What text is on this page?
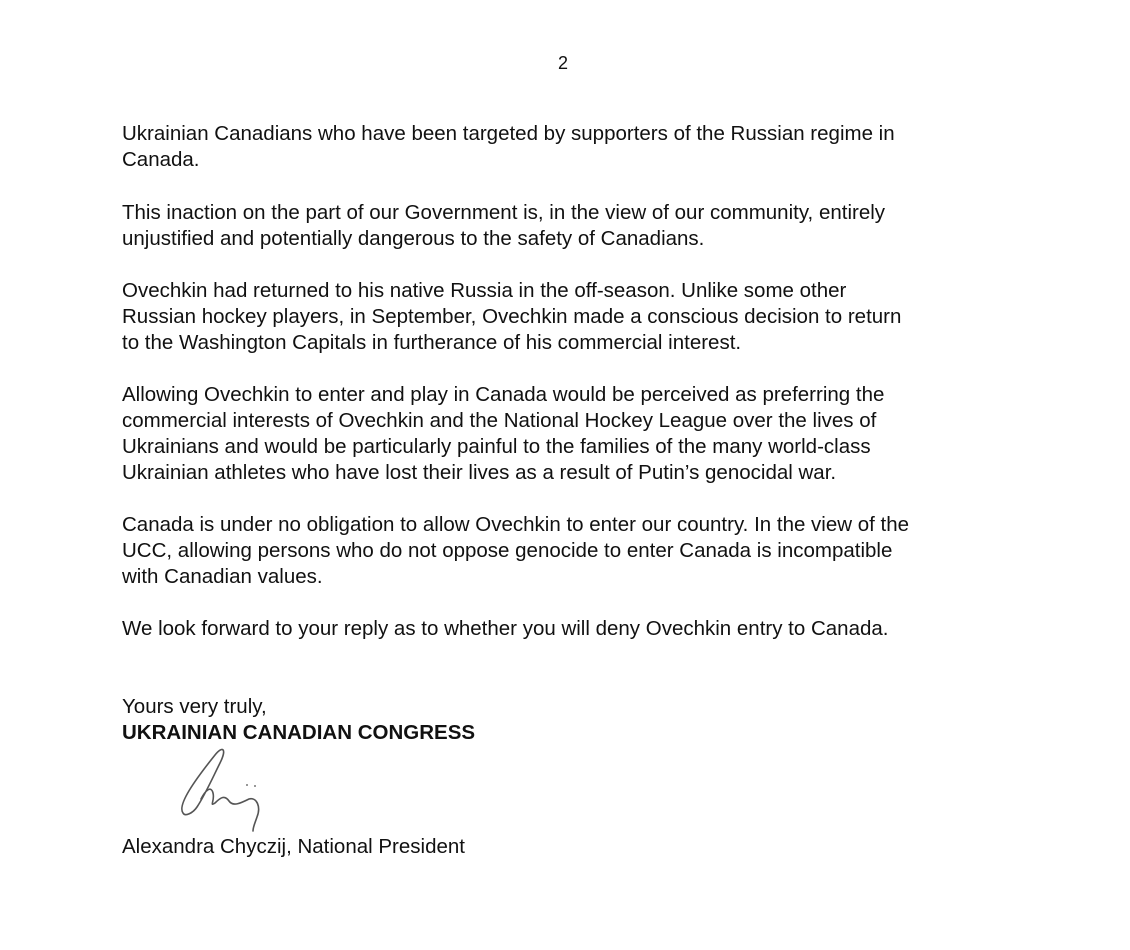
2

Ukrainian Canadians who have been targeted by supporters of the Russian regime in
Canada.

This inaction on the part of our Government is, in the view of our community, entirely
unjustified and potentially dangerous to the safety of Canadians.

Ovechkin had returned to his native Russia in the off-season. Unlike some other
Russian hockey players, in September, Ovechkin made a conscious decision to return
to the Washington Capitals in furtherance of his commercial interest.

Allowing Ovechkin to enter and play in Canada would be perceived as preferring the
commercial interests of Ovechkin and the National Hockey League over the lives of
Ukrainians and would be particularly painful to the families of the many world-class
Ukrainian athletes who have lost their lives as a result of Putin’s genocidal war.

Canada is under no obligation to allow Ovechkin to enter our country. In the view of the
UCC, allowing persons who do not oppose genocide to enter Canada is incompatible
with Canadian values.

We look forward to your reply as to whether you will deny Ovechkin entry to Canada.

Yours very truly,
UKRAINIAN CANADIAN CONGRESS
Alexandra Chyczij, National President
